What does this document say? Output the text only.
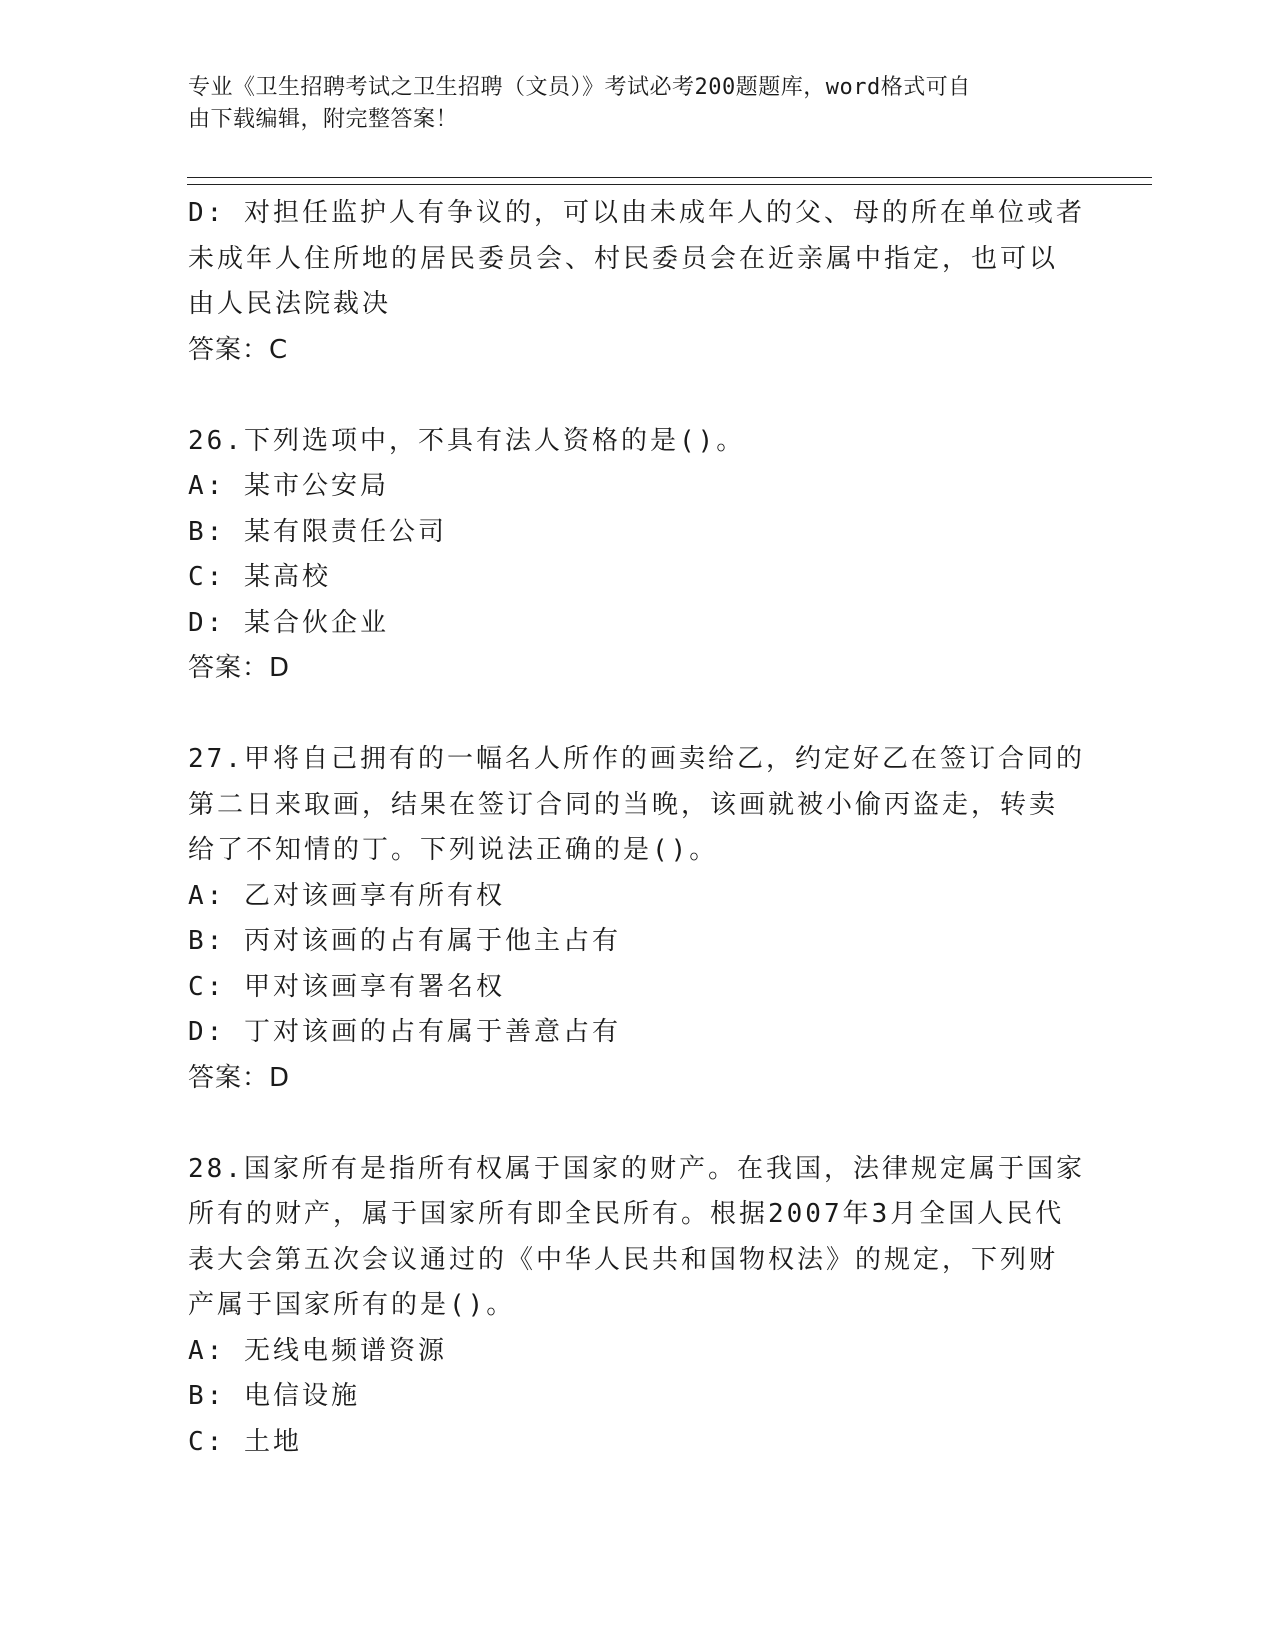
专业《卫生招聘考试之卫生招聘（文员）》考试必考200题题库，word格式可自
由下载编辑，附完整答案！
D: 对担任监护人有争议的，可以由未成年人的父、母的所在单位或者
未成年人住所地的居民委员会、村民委员会在近亲属中指定，也可以
由人民法院裁决
答案：C
26.下列选项中，不具有法人资格的是()。
A: 某市公安局
B: 某有限责任公司
C: 某高校
D: 某合伙企业
答案：D
27.甲将自己拥有的一幅名人所作的画卖给乙，约定好乙在签订合同的
第二日来取画，结果在签订合同的当晚，该画就被小偷丙盗走，转卖
给了不知情的丁。下列说法正确的是()。
A: 乙对该画享有所有权
B: 丙对该画的占有属于他主占有
C: 甲对该画享有署名权
D: 丁对该画的占有属于善意占有
答案：D
28.国家所有是指所有权属于国家的财产。在我国，法律规定属于国家
所有的财产，属于国家所有即全民所有。根据2007年3月全国人民代
表大会第五次会议通过的《中华人民共和国物权法》的规定，下列财
产属于国家所有的是()。
A: 无线电频谱资源
B: 电信设施
C: 土地
